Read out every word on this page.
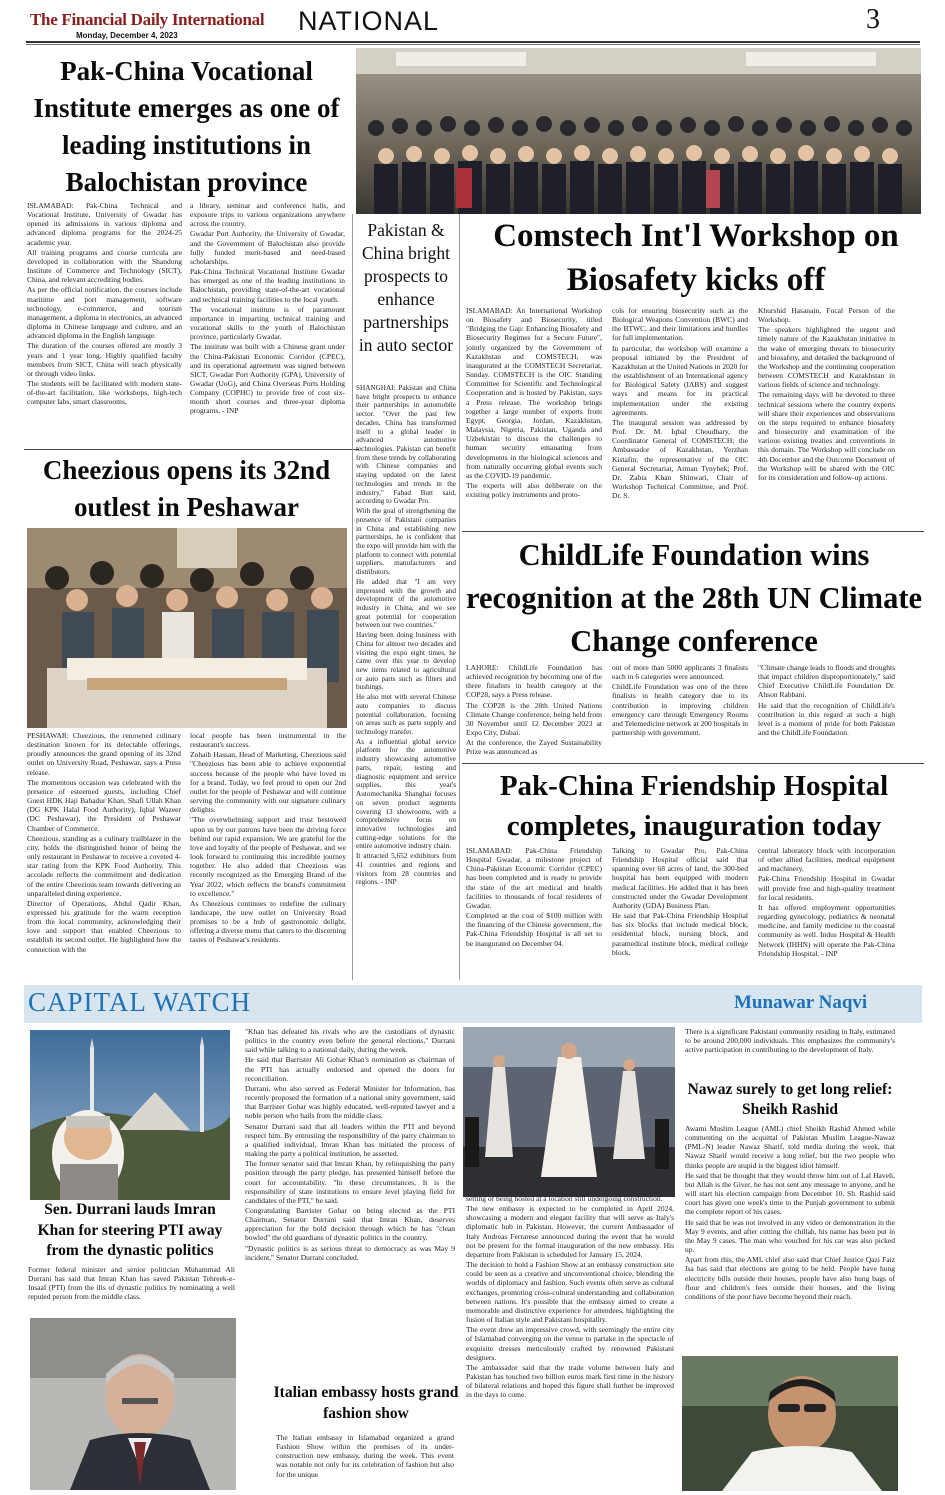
The Financial Daily International
Monday, December 4, 2023	NATIONAL	3
Pak-China Vocational Institute emerges as one of leading institutions in Balochistan province

ISLAMABAD: Pak-China Technical and Vocational Institute, University of Gwadar has opened its admissions in various diploma and advanced diploma programs for the 2024-25 academic year.

All training programs and course curricula are developed in collaboration with the Shandong Institute of Commerce and Technology (SICT), China, and relevant accrediting bodies.

As per the official notification, the courses include maritime and port management, software technology, e-commerce, and tourism management, a diploma in electronics, an advanced diploma in Chinese language and culture, and an advanced diploma in the English language.

The duration of the courses offered are mostly 3 years and 1 year long. Highly qualified faculty members from SICT, China will teach physically or through video links.

The students will be facilitated with modern state-of-the-art facilitation, like workshops, high-tech computer labs, smart classrooms,

a library, seminar and conference halls, and exposure trips to various organizations anywhere across the country.

Gwadar Port Authority, the University of Gwadar, and the Government of Balochistan also provide fully funded merit-based and need-based scholarships.

Pak-China Technical Vocational Institute Gwadar has emerged as one of the leading institutions in Balochistan, providing state-of-the-art vocational and technical training facilities to the local youth.

The vocational institute is of paramount importance in imparting technical training and vocational skills to the youth of Balochistan province, particularly Gwadar.

The institute was built with a Chinese grant under the China-Pakistan Economic Corridor (CPEC), and its operational agreement was signed between SICT, Gwadar Port Authority (GPA), University of Gwadar (UoG), and China Overseas Ports Holding Company (COPHC) to provide free of cost six-month short courses and three-year diploma programs. - INP

Pakistan & China bright prospects to enhance partnerships in auto sector

SHANGHAI: Pakistan and China have bright prospects to enhance their partnerships in automobile sector. "Over the past few decades, China has transformed itself to a global leader in advanced automotive technologies. Pakistan can benefit from these trends by collaborating with Chinese companies and staying updated on the latest technologies and trends in the industry," Fahad Butt said, according to Gwadar Pro.

With the goal of strengthening the presence of Pakistani companies in China and establishing new partnerships, he is confident that the expo will provide him with the platform to connect with potential suppliers, manufacturers and distributors.

He added that "I am very impressed with the growth and development of the automotive industry in China, and we see great potential for cooperation between our two countries."

Having been doing business with China for almost two decades and visiting the expo eight times, he came over this year to develop new items related to agricultural or auto parts such as filters and bushings.

He also met with several Chinese auto companies to discuss potential collaboration, focusing on areas such as parts supply and technology transfer.

As a influential global service platform for the automotive industry showcasing automotive parts, repair, testing and diagnostic equipment and service supplies, this year's Automechanika Shanghai focuses on seven product segments covering 13 showrooms, with a comprehensive focus on innovative technologies and cutting-edge solutions for the entire automotive industry chain.

It attracted 5,652 exhibitors from 41 countries and regions and visitors from 28 countries and regions. - INP

Comstech Int'l Workshop on Biosafety kicks off

ISLAMABAD: An International Workshop on Biosafety and Biosecurity, titled "Bridging the Gap: Enhancing Biosafety and Biosecurity Regimes for a Secure Future", jointly organized by the Government of Kazakhstan and COMSTECH, was inaugurated at the COMSTECH Secretariat, Sunday. COMSTECH is the OIC Standing Committee for Scientific and Technological Cooperation and is hosted by Pakistan, says a Press release. The workshop brings together a large number of experts from Egypt, Georgia, Jordan, Kazakhstan, Malaysia, Nigeria, Pakistan, Uganda and Uzbekistan to discuss the challenges to human security emanating from developments in the biological sciences and from naturally occurring global events such as the COVID-19 pandemic.

The experts will also deliberate on the existing policy instruments and proto-

cols for ensuring biosecurity such as the Biological Weapons Convention (BWC) and the BTWC, and their limitations and hurdles for full implementation.

In particular, the workshop will examine a proposal initiated by the President of Kazakhstan at the United Nations in 2020 for the establishment of an International agency for Biological Safety (IABS) and suggest ways and means for its practical implementation under the existing agreements.

The inaugural session was addressed by Prof. Dr. M. Iqbal Choudhary, the Coordinator General of COMSTECH; the Ambassador of Kazakhstan, Yerzhan Kistafin; the representative of the OIC General Secretariat, Arman Tynybek; Prof. Dr. Zabta Khan Shinwari, Chair of Workshop Technical Committee, and Prof. Dr. S.

Khurshid Hasanain, Focal Person of the Workshop.

The speakers highlighted the urgent and timely nature of the Kazakhstan initiative in the wake of emerging threats to biosecurity and biosafety, and detailed the background of the Workshop and the continuing cooperation between COMSTECH and Kazakhstan in various fields of science and technology.

The remaining days will be devoted to three technical sessions where the country experts will share their experiences and observations on the steps required to enhance biosafety and biosecurity and examination of the various existing treaties and conventions in this domain. The Workshop will conclude on 4th December and the Outcome Document of the Workshop will be shared with the OIC for its consideration and follow-up actions.

Cheezious opens its 32nd outlest in Peshawar

PESHAWAR: Cheezious, the renowned culinary destination known for its delectable offerings, proudly announces the grand opening of its 32nd outlet on University Road, Peshawar, says a Press release.

The momentous occasion was celebrated with the presence of esteemed guests, including Chief Guest HDK Haji Bahadur Khan, Shafi Ullah Khan (DG KPK Halal Food Authority), Iqbal Wazeer (DC Peshawar), the President of Peshawar Chamber of Commerce.

Cheezious, standing as a culinary trailblazer in the city, holds the distinguished honor of being the only restaurant in Peshawar to receive a coveted 4-star rating from the KPK Food Authority. This accolade reflects the commitment and dedication of the entire Cheezious team towards delivering an unparalleled dining experience.

Director of Operations, Abdul Qadir Khan, expressed his gratitude for the warm reception from the local community, acknowledging their love and support that enabled Cheezious to establish its second outlet. He highlighted how the connection with the

local people has been instrumental in the restaurant's success.

Zohaib Hassan, Head of Marketing, Cheezious said "Cheezious has been able to achieve exponential success because of the people who have loved us for a brand. Today, we feel proud to open our 2nd outlet for the people of Peshawar and will continue serving the community with our signature culinary delights.

"The overwhelming support and trust bestowed upon us by our patrons have been the driving force behind our rapid expansion. We are grateful for the love and loyalty of the people of Peshawar, and we look forward to continuing this incredible journey together. He also added that Cheezious was recently recognized as the Emerging Brand of the Year 2022, which reflects the brand's commitment to excellence."

As Cheezious continues to redefine the culinary landscape, the new outlet on University Road promises to be a hub of gastronomic delight, offering a diverse menu that caters to the discerning tastes of Peshawar's residents.

ChildLife Foundation wins recognition at the 28th UN Climate Change conference

LAHORE: ChildLife Foundation has achieved recognition by becoming one of the three finalists in health category at the COP28, says a Press release.

The COP28 is the 28th United Nations Climate Change conference, being held from 30 November until 12 December 2023 at Expo City, Dubai.

At the conference, the Zayed Sustainability Prize was announced as

out of more than 5000 applicants 3 finalists each in 6 categories were announced.

ChildLife Foundation was one of the three finalists in health category due to its contribution in improving children emergency care through Emergency Rooms and Telemedicine network at 200 hospitals in partnership with government.

"Climate change leads to floods and droughts that impact children disproportionately," said Chief Executive ChildLife Foundation Dr. Ahson Rabbani.

He said that the recognition of ChildLife's contribution in this regard at such a high level is a moment of pride for both Pakistan and the ChildLife Foundation.

Pak-China Friendship Hospital completes, inauguration today

ISLAMABAD: Pak-China Friendship Hospital Gwadar, a milestone project of China-Pakistan Economic Corridor (CPEC) has been completed and is ready to provide the state of the art medical and health facilities to thousands of local residents of Gwadar.

Completed at the cost of $100 million with the financing of the Chinese government, the Pak-China Friendship Hospital is all set to be inaugurated on December 04.

Talking to Gwadar Pro, Pak-China Friendship Hospital official said that spanning over 68 acres of land, the 300-bed hospital has been equipped with modern medical facilities. He added that it has been constructed under the Gwadar Development Authority (GDA) Business Plan.

He said that Pak-China Friendship Hospital has six blocks that include medical block, residential block, nursing block, and paramedical institute block, medical college block,

central laboratory block with incorporation of other allied facilities, medical equipment and machinery.

Pak-China Friendship Hospital in Gwadar will provide free and high-quality treatment for local residents.

It has offered employment opportunities regarding gynecology, pediatrics & neonatal medicine, and family medicine to the coastal community as well. Indus Hospital & Health Network (IHHN) will operate the Pak-China Friendship Hospital. - INP

CAPITAL WATCH	Munawar Naqvi
Sen. Durrani lauds Imran Khan for steering PTI away from the dynastic politics
Former federal minister and senior politician Muhammad Ali Durrani has said that Imran Khan has saved Pakistan Tehreek-e-Insaaf (PTI) from the ills of dynastic politics by nominating a well reputed person from the middle class.

"Khan has defeated his rivals who are the custodians of dynastic politics in the country even before the general elections," Durrani said while talking to a national daily, during the week.

He said that Barrister Ali Gohar Khan's nomination as chairman of the PTI has actually endorsed and opened the doors for reconciliation.

Durrani, who also served as Federal Minister for Information, has recently proposed the formation of a national unity government, said that Barrister Gohar was highly educated, well-reputed lawyer and a noble person who hails from the middle class.

Senator Durrani said that all leaders within the PTI and beyond respect him. By entrusting the responsibility of the party chairman to a qualified individual, Imran Khan has initiated the process of making the party a political institution, he asserted.

The former senator said that Imran Khan, by relinquishing the party position through the party pledge, has presented himself before the court for accountability. "In these circumstances, It is the responsibility of state institutions to ensure level playing field for candidates of the PTI," he said.

Congratulating Barrister Gohar on being elected as the PTI Chairman, Senator Durrani said that Imran Khan, deserves appreciation for the bold decision through which he has "clean bowled" the old guardians of dynastic politics in the country.

"Dynastic politics is as serious threat to democracy as was May 9 incident," Senator Durrani concluded.

Italian embassy hosts grand fashion show

The Italian embassy in Islamabad organized a grand Fashion Show within the premises of its under-construction new embassy, during the week. This event was notable not only for its celebration of fashion but also for the unique

setting of being hosted at a location still undergoing construction.

The new embassy is expected to be completed in April 2024, showcasing a modern and elegant facility that will serve as Italy's diplomatic hub in Pakistan. However, the current Ambassador of Italy Andreas Ferrarese announced during the event that he would not be present for the formal inauguration of the new embassy. His departure from Pakistan is scheduled for January 15, 2024.

The decision to hold a Fashion Show at an embassy construction site could be seen as a creative and unconventional choice, blending the worlds of diplomacy and fashion. Such events often serve as cultural exchanges, promoting cross-cultural understanding and collaboration between nations. It's possible that the embassy aimed to create a memorable and distinctive experience for attendees, highlighting the fusion of Italian style and Pakistani hospitality.

The event drew an impressive crowd, with seemingly the entire city of Islamabad converging on the venue to partake in the spectacle of exquisite dresses meticulously crafted by renowned Pakistani designers.

The ambassador said that the trade volume between Italy and Pakistan has touched two billion euros mark first time in the history of bilateral relations and hoped this figure shall further be improved in the days to come.

There is a significant Pakistani community residing in Italy, estimated to be around 200,000 individuals. This emphasizes the community's active participation in contributing to the development of Italy.
Nawaz surely to get long relief: Sheikh Rashid

Awami Muslim League (AML) chief Sheikh Rashid Ahmed while commenting on the acquittal of Pakistan Muslim League-Nawaz (PML-N) leader Nawaz Sharif, told media during the week, that Nawaz Sharif would receive a long relief, but the two people who thinks people are stupid is the biggest idiot himself.

He said that he thought that they would throw him out of Lal Haveli, but Allah is the Giver, he has not sent any message to anyone, and he will start his election campaign from December 10. Sh. Rashid said court has given one week's time to the Punjab government to submit the complete report of his cases.

He said that he was not involved in any video or demonstration in the May 9 events, and after cutting the chillah, his name has been put in the May 9 cases. The man who vouched for his car was also picked up.

Apart from this, the AML chief also said that Chief Justice Qazi Faiz Isa has said that elections are going to be held. People have hung electricity bills outside their houses, people have also hung bags of flour and children's fees outside their houses, and the living conditions of the poor have become beyond their reach.
